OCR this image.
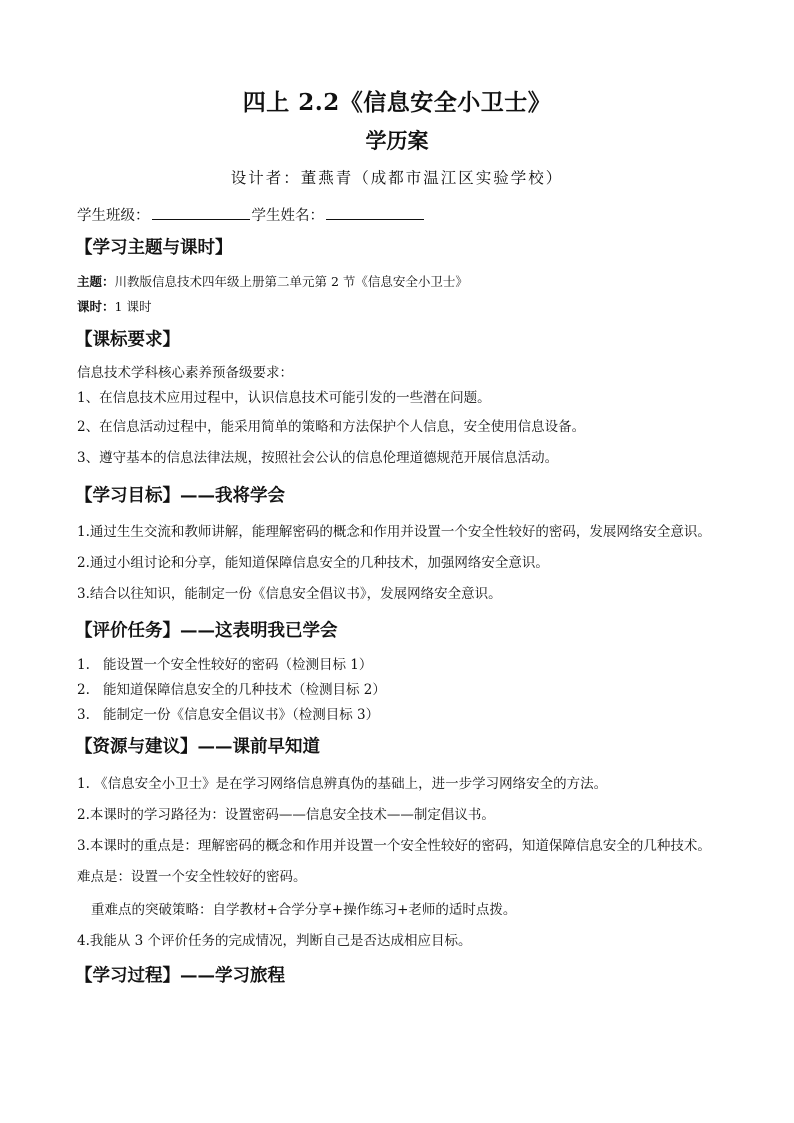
四上 2.2《信息安全小卫士》
学历案
设计者：董燕青（成都市温江区实验学校）
学生班级：	学生姓名：
【学习主题与课时】
主题：川教版信息技术四年级上册第二单元第 2 节《信息安全小卫士》
课时：1 课时
【课标要求】
信息技术学科核心素养预备级要求：
1、在信息技术应用过程中，认识信息技术可能引发的一些潜在问题。
2、在信息活动过程中，能采用简单的策略和方法保护个人信息，安全使用信息设备。
3、遵守基本的信息法律法规，按照社会公认的信息伦理道德规范开展信息活动。
【学习目标】——我将学会
1.通过生生交流和教师讲解，能理解密码的概念和作用并设置一个安全性较好的密码，发展网络安全意识。
2.通过小组讨论和分享，能知道保障信息安全的几种技术，加强网络安全意识。
3.结合以往知识，能制定一份《信息安全倡议书》，发展网络安全意识。
【评价任务】——这表明我已学会
1. 能设置一个安全性较好的密码（检测目标 1）
2. 能知道保障信息安全的几种技术（检测目标 2）
3. 能制定一份《信息安全倡议书》（检测目标 3）
【资源与建议】——课前早知道
1. 《信息安全小卫士》是在学习网络信息辨真伪的基础上，进一步学习网络安全的方法。
2.本课时的学习路径为：设置密码——信息安全技术——制定倡议书。
3.本课时的重点是：理解密码的概念和作用并设置一个安全性较好的密码，知道保障信息安全的几种技术。
难点是：设置一个安全性较好的密码。
重难点的突破策略：自学教材+合学分享+操作练习+老师的适时点拨。
4.我能从 3 个评价任务的完成情况，判断自己是否达成相应目标。
【学习过程】——学习旅程
